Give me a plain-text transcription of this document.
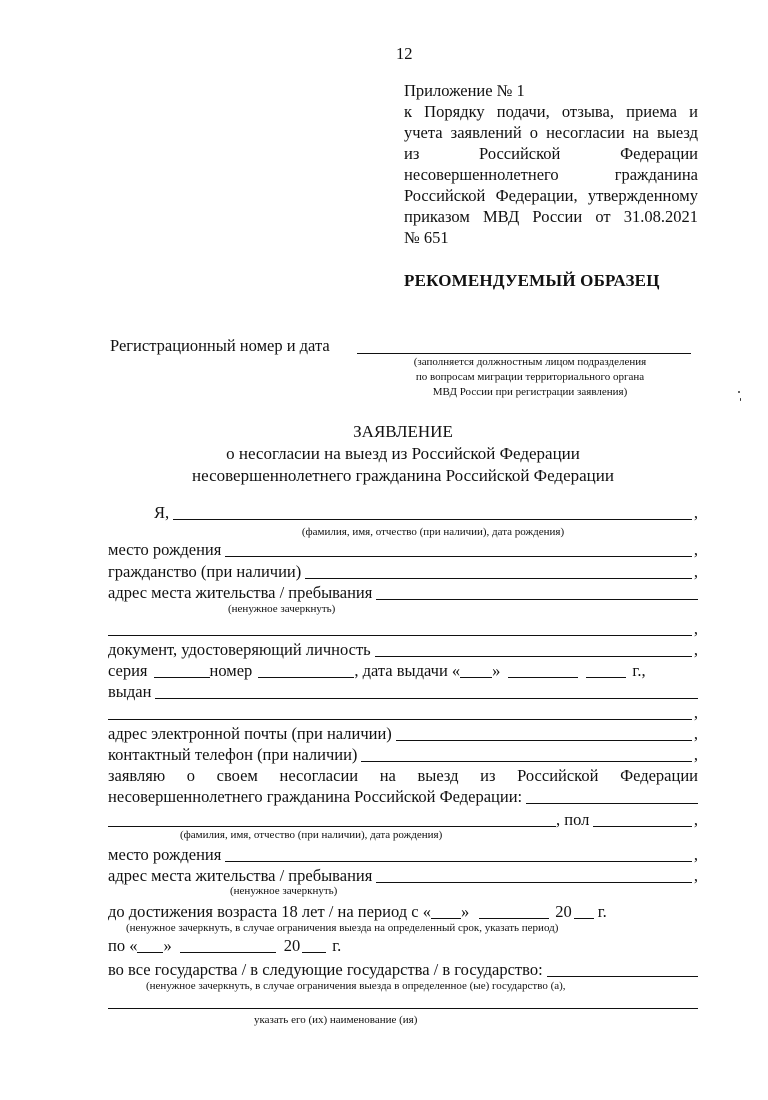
12
Приложение № 1
к Порядку подачи, отзыва, приема и
учета заявлений о несогласии на выезд
из Российской Федерации
несовершеннолетнего гражданина
Российской Федерации, утвержденному
приказом МВД России от 31.08.2021
№ 651
РЕКОМЕНДУЕМЫЙ ОБРАЗЕЦ
Регистрационный номер и дата
(заполняется должностным лицом подразделения
по вопросам миграции территориального органа
МВД России при регистрации заявления)
ЗАЯВЛЕНИЕ
о несогласии на выезд из Российской Федерации
несовершеннолетнего гражданина Российской Федерации
Я,	,
(фамилия, имя, отчество (при наличии), дата рождения)
место рождения	,
гражданство (при наличии)	,
адрес места жительства / пребывания
(ненужное зачеркнуть)
,
документ, удостоверяющий личность	,
серия	номер	, дата выдачи « »	г.,
выдан
,
адрес электронной почты (при наличии)	,
контактный телефон (при наличии)	,
заявляю о своем несогласии на выезд из Российской Федерации
несовершеннолетнего гражданина Российской Федерации:
, пол	,
(фамилия, имя, отчество (при наличии), дата рождения)
место рождения	,
адрес места жительства / пребывания	,
(ненужное зачеркнуть)
до достижения возраста 18 лет / на период с « »	20 г.
(ненужное зачеркнуть, в случае ограничения выезда на определенный срок, указать период)
по « »	20 г.
во все государства / в следующие государства / в государство:
(ненужное зачеркнуть, в случае ограничения выезда в определенное (ые) государство (а),
указать его (их) наименование (ия)
